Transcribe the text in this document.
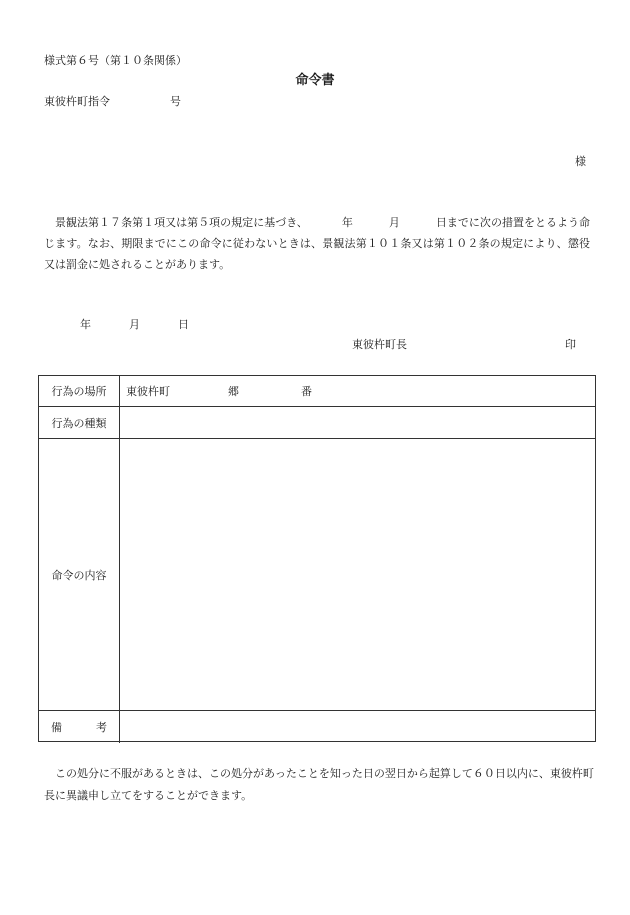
様式第６号（第１０条関係）
命令書
東彼杵町指令	号
様

景観法第１７条第１項又は第５項の規定に基づき、	年	月	日までに次の措置をとるよう命じます。なお、期限までにこの命令に従わないときは、景観法第１０１条又は第１０２条の規定により、懲役又は罰金に処されることがあります。

年	月	日
東彼杵町長	印
行為の場所	東彼杵町	郷	番
行為の種類
命令の内容
備	考

この処分に不服があるときは、この処分があったことを知った日の翌日から起算して６０日以内に、東彼杵町長に異議申し立てをすることができます。
